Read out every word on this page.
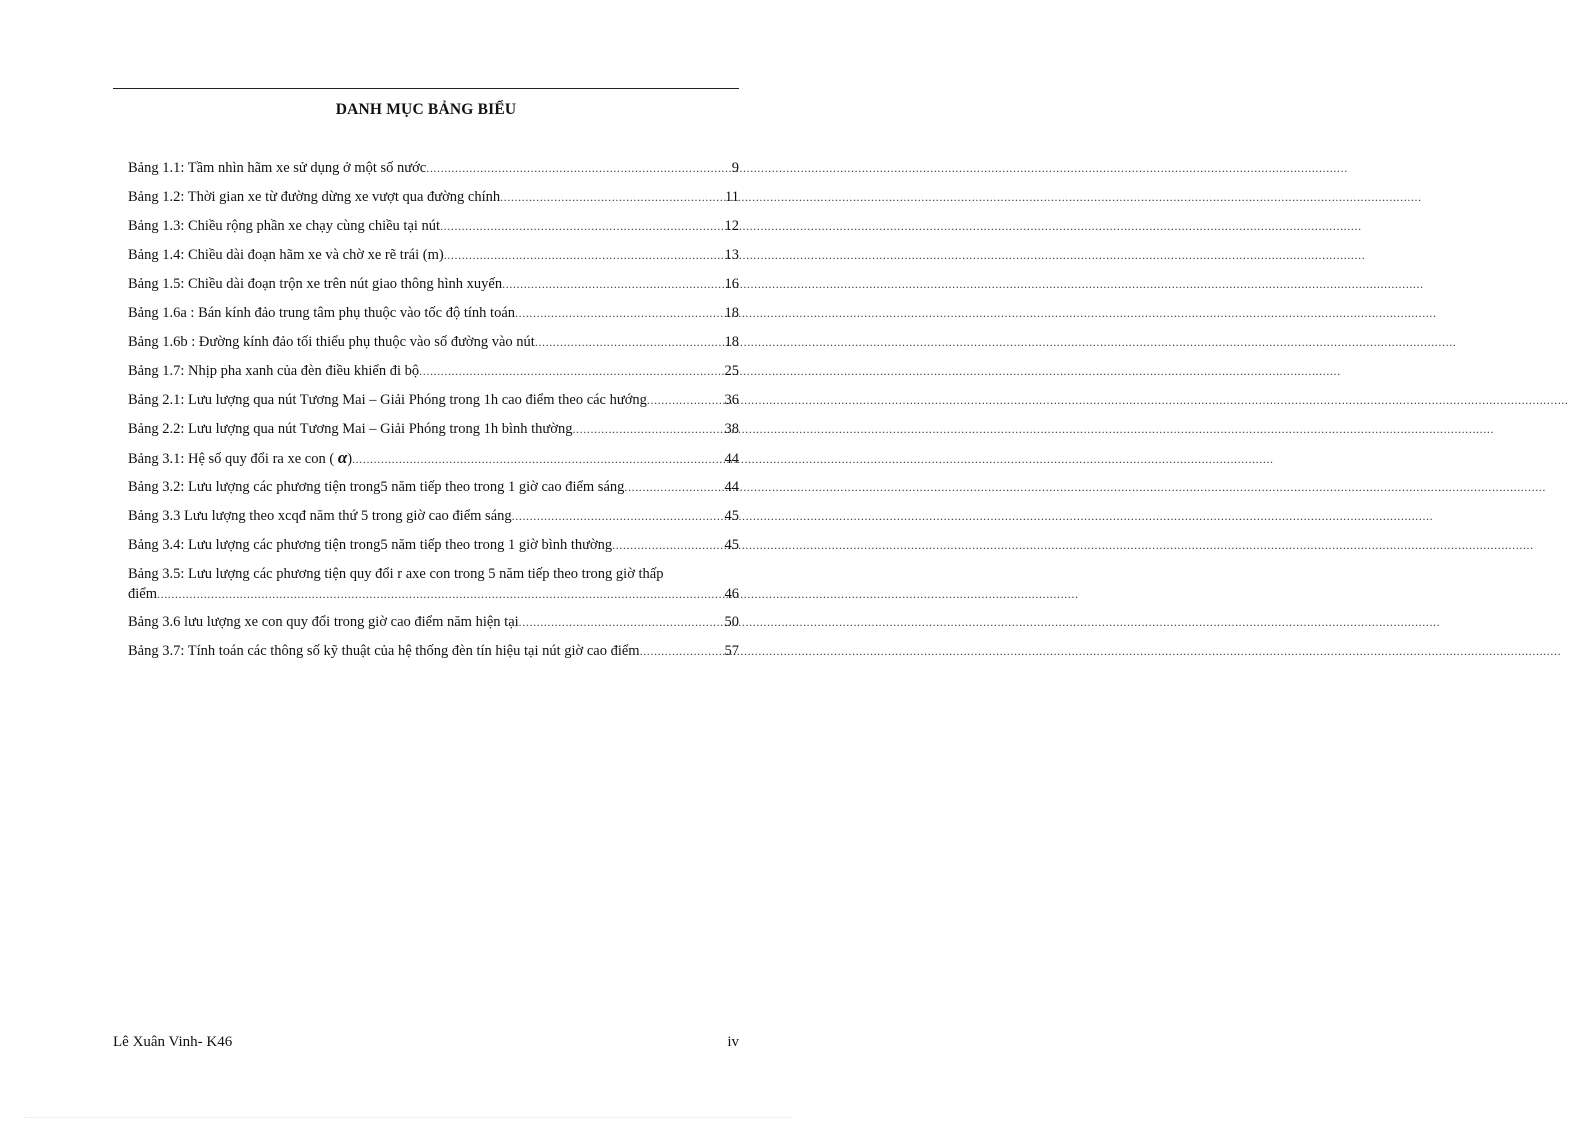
DANH MỤC BẢNG BIỂU
Bảng 1.1: Tầm nhìn hãm xe sử dụng ở một số nước .....	9
Bảng 1.2: Thời gian xe từ đường dừng xe vượt qua đường chính .....	11
Bảng 1.3: Chiều rộng phần xe chạy cùng chiều tại nút .....	12
Bảng 1.4: Chiều dài đoạn hãm xe và chờ xe rẽ trái (m) .....	13
Bảng 1.5: Chiều dài đoạn trộn xe trên nút giao thông hình xuyến .....	16
Bảng 1.6a : Bán kính đảo trung tâm phụ thuộc vào tốc độ tính toán .....	18
Bảng 1.6b : Đường kính đảo tối thiểu phụ thuộc vào số đường vào nút .....	18
Bảng 1.7: Nhịp pha xanh của đèn điều khiển đi bộ .....	25
Bảng 2.1: Lưu lượng qua nút Tương Mai – Giải Phóng trong 1h cao điểm theo các hướng .....	36
Bảng 2.2: Lưu lượng qua nút Tương Mai – Giải Phóng trong 1h bình thường .....	38
Bảng 3.1: Hệ số quy đổi ra xe con ( α) .....	44
Bảng 3.2: Lưu lượng các phương tiện trong5 năm tiếp theo trong 1 giờ cao điểm sáng .....	44
Bảng 3.3 Lưu lượng theo xcqđ năm thứ 5 trong giờ cao điểm sáng .....	45
Bảng 3.4: Lưu lượng các phương tiện trong5 năm tiếp theo trong 1 giờ bình thường .....	45
Bảng 3.5: Lưu lượng các phương tiện quy đổi r axe con trong 5 năm tiếp theo trong giờ thấp
điểm .....	46
Bảng 3.6 lưu lượng xe con quy đổi trong giờ cao điểm năm hiện tại .....	50
Bảng 3.7: Tính toán các thông số kỹ thuật của hệ thống đèn tín hiệu tại nút giờ cao điểm .....	57
Lê Xuân Vinh- K46	iv
